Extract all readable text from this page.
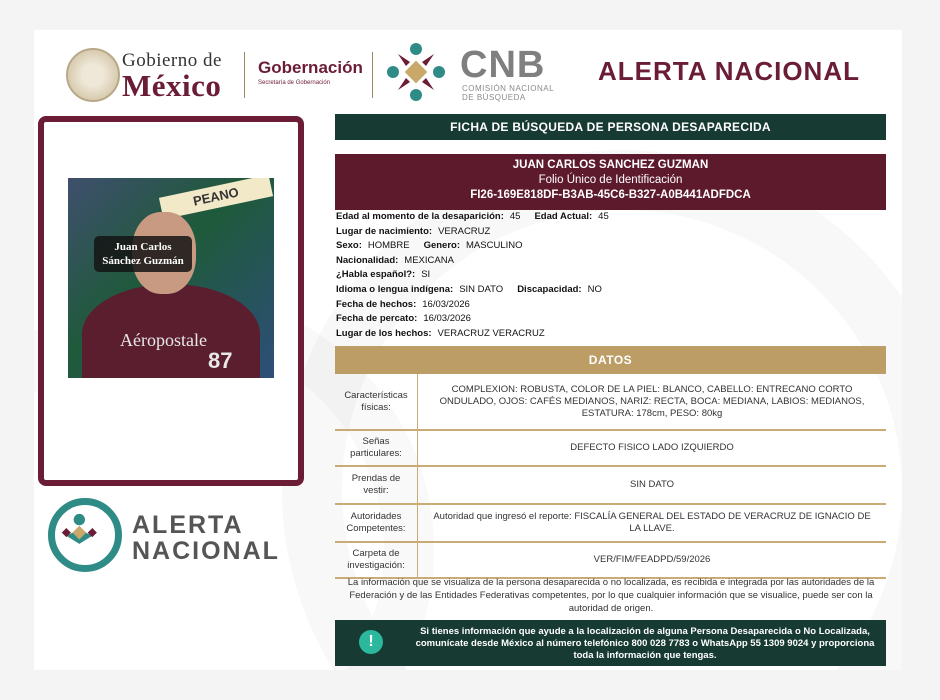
Gobierno de
México
Gobernación
Secretaría de Gobernación	CNB
COMISIÓN NACIONAL
DE BÚSQUEDA
ALERTA NACIONAL
PEANO
Aéropostale
87
Juan Carlos Sánchez Guzmán
ALERTA
NACIONAL
FICHA DE BÚSQUEDA DE PERSONA DESAPARECIDA
JUAN CARLOS SANCHEZ GUZMAN
Folio Único de Identificación
FI26-169E818DF-B3AB-45C6-B327-A0B441ADFDCA
Edad al momento de la desaparición: 45 Edad Actual: 45
Lugar de nacimiento: VERACRUZ
Sexo: HOMBRE Genero: MASCULINO
Nacionalidad: MEXICANA
¿Habla español?: SI
Idioma o lengua indígena: SIN DATO Discapacidad: NO
Fecha de hechos: 16/03/2026
Fecha de percato: 16/03/2026
Lugar de los hechos: VERACRUZ VERACRUZ
DATOS
Características físicas:	COMPLEXION: ROBUSTA, COLOR DE LA PIEL: BLANCO, CABELLO: ENTRECANO CORTO ONDULADO, OJOS: CAFÉS MEDIANOS, NARIZ: RECTA, BOCA: MEDIANA, LABIOS: MEDIANOS, ESTATURA: 178cm, PESO: 80kg
Señas particulares:	DEFECTO FISICO LADO IZQUIERDO
Prendas de vestir:	SIN DATO
Autoridades Competentes:	Autoridad que ingresó el reporte: FISCALÍA GENERAL DEL ESTADO DE VERACRUZ DE IGNACIO DE LA LLAVE.
Carpeta de investigación:	VER/FIM/FEADPD/59/2026
La información que se visualiza de la persona desaparecida o no localizada, es recibida e integrada por las autoridades de la Federación y de las Entidades Federativas competentes, por lo que cualquier información que se visualice, puede ser con la autoridad de origen.
!
Si tienes información que ayude a la localización de alguna Persona Desaparecida o No Localizada, comunícate desde México al número telefónico 800 028 7783 o WhatsApp 55 1309 9024 y proporciona toda la información que tengas.
